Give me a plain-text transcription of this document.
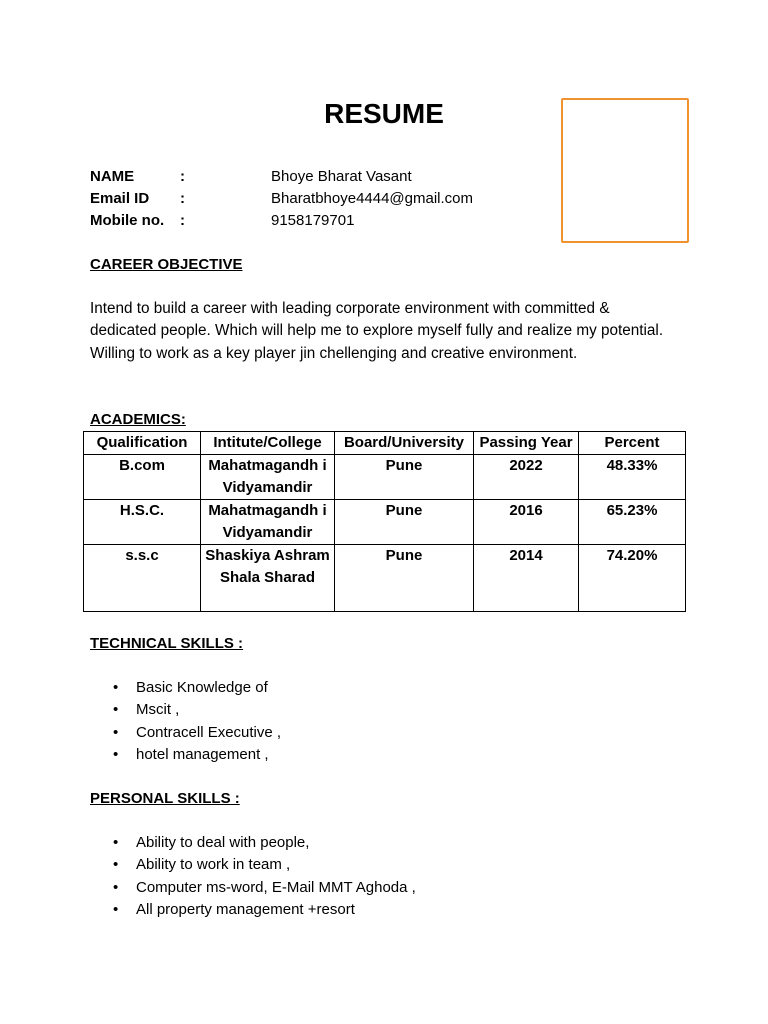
RESUME
NAME	:	Bhoye Bharat Vasant
Email ID	:	Bharatbhoye4444@gmail.com
Mobile no.	:	9158179701
CAREER OBJECTIVE
Intend to build a career with leading corporate environment with committed & dedicated people. Which will help me to explore myself fully and realize my potential. Willing to work as a key player jin chellenging and creative environment.
ACADEMICS:
Qualification	Intitute/College	Board/University	Passing Year	Percent
B.com	Mahatmagandh i Vidyamandir	Pune	2022	48.33%
H.S.C.	Mahatmagandh i Vidyamandir	Pune	2016	65.23%
s.s.c	Shaskiya Ashram Shala Sharad	Pune	2014	74.20%
TECHNICAL SKILLS :
• Basic Knowledge of
• Mscit ,
• Contracell Executive ,
• hotel management ,
PERSONAL SKILLS :
• Ability to deal with people,
• Ability to work in team ,
• Computer ms-word, E-Mail MMT Aghoda ,
• All property management +resort
